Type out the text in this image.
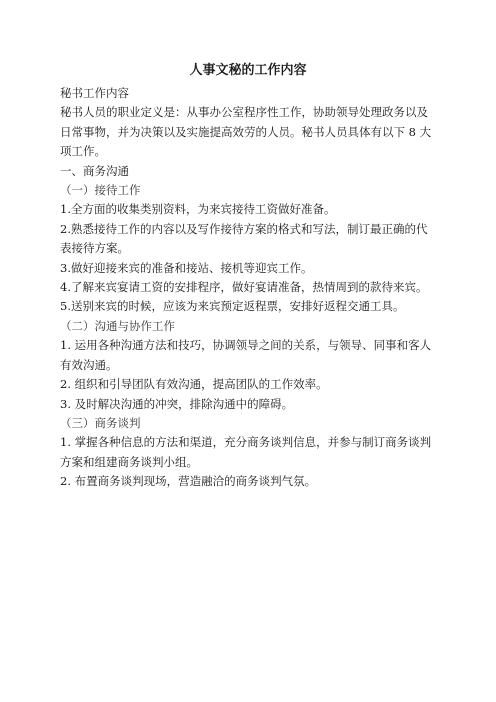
人事文秘的工作内容

秘书工作内容

秘书人员的职业定义是：从事办公室程序性工作，协助领导处理政务以及日常事物，并为决策以及实施提高效劳的人员。秘书人员具体有以下 8 大项工作。

一、商务沟通

（一）接待工作

1.全方面的收集类别资料，为来宾接待工资做好准备。

2.熟悉接待工作的内容以及写作接待方案的格式和写法，制订最正确的代表接待方案。

3.做好迎接来宾的准备和接站、接机等迎宾工作。

4.了解来宾宴请工资的安排程序，做好宴请准备，热情周到的款待来宾。

5.送别来宾的时候，应该为来宾预定返程票，安排好返程交通工具。

（二）沟通与协作工作

1. 运用各种沟通方法和技巧，协调领导之间的关系，与领导、同事和客人有效沟通。

2. 组织和引导团队有效沟通，提高团队的工作效率。

3. 及时解决沟通的冲突，排除沟通中的障碍。

（三）商务谈判

1. 掌握各种信息的方法和渠道，充分商务谈判信息，并参与制订商务谈判方案和组建商务谈判小组。

2. 布置商务谈判现场，营造融洽的商务谈判气氛。
